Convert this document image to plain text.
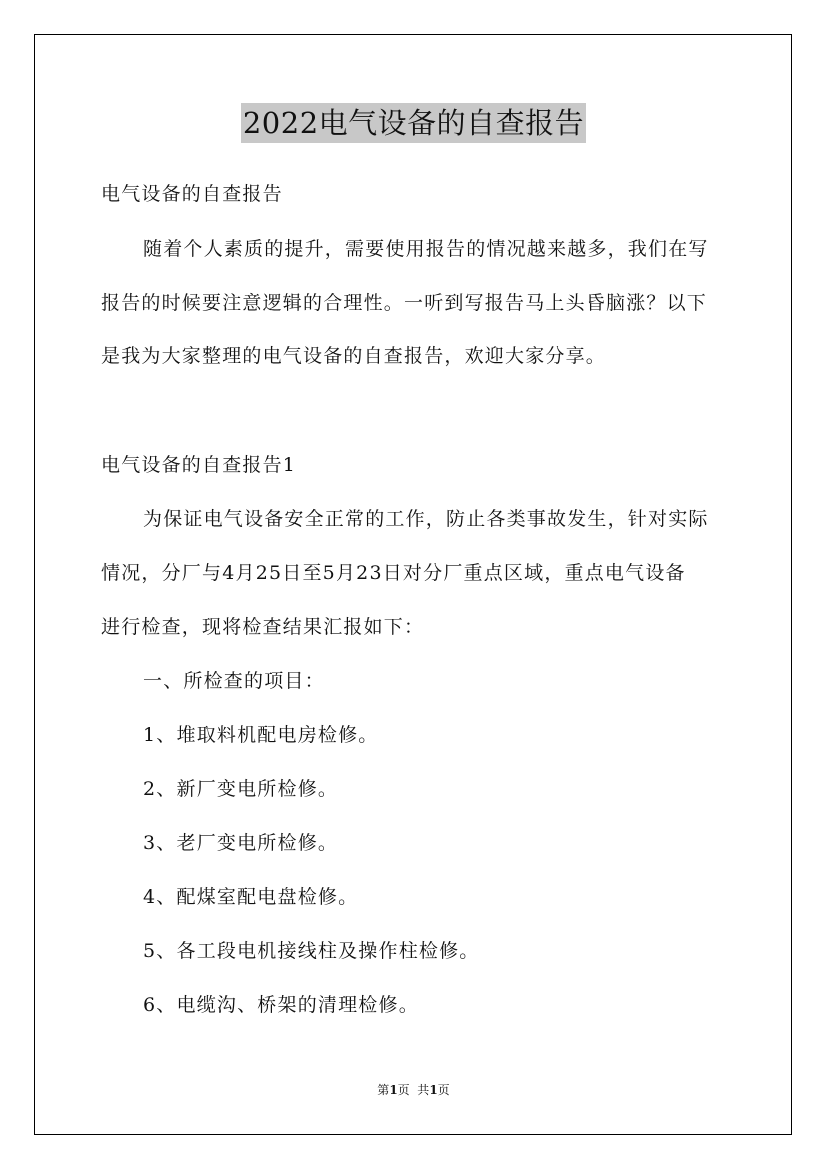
2022电气设备的自查报告
电气设备的自查报告
随着个人素质的提升，需要使用报告的情况越来越多，我们在写
报告的时候要注意逻辑的合理性。一听到写报告马上头昏脑涨？以下
是我为大家整理的电气设备的自查报告，欢迎大家分享。
电气设备的自查报告1
为保证电气设备安全正常的工作，防止各类事故发生，针对实际
情况，分厂与4月25日至5月23日对分厂重点区域，重点电气设备
进行检查，现将检查结果汇报如下：
一、所检查的项目：
1、堆取料机配电房检修。
2、新厂变电所检修。
3、老厂变电所检修。
4、配煤室配电盘检修。
5、各工段电机接线柱及操作柱检修。
6、电缆沟、桥架的清理检修。
第1页  共1页
